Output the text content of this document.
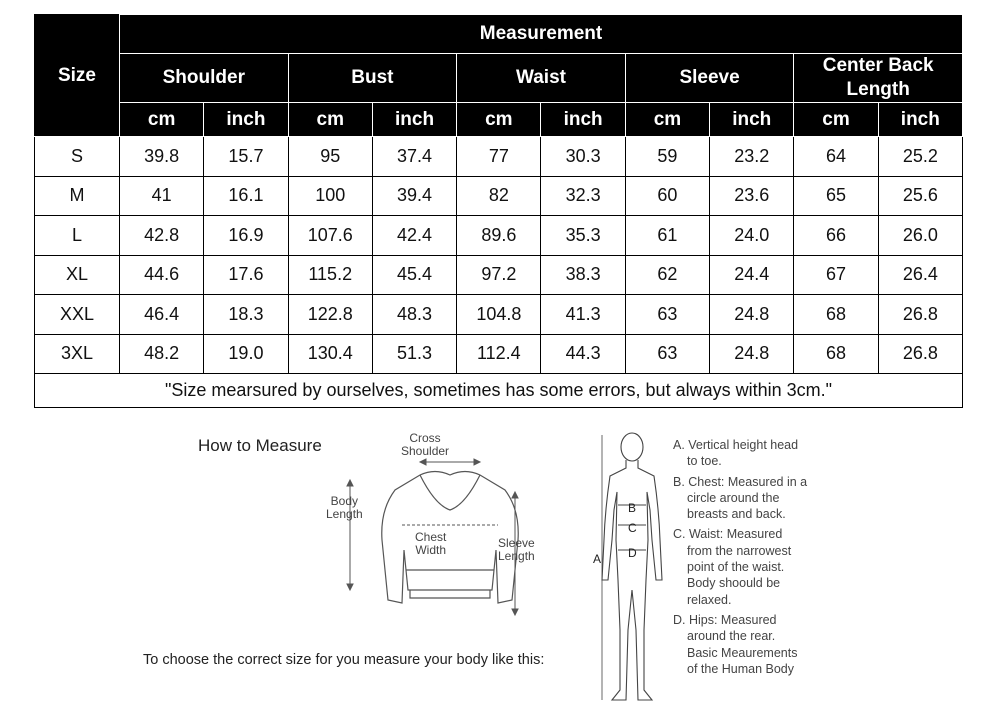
Size	Measurement									
	Shoulder		Bust		Waist		Sleeve		Center Back
Length	
	cm	inch	cm	inch	cm	inch	cm	inch	cm	inch
S	39.8	15.7	95	37.4	77	30.3	59	23.2	64	25.2
M	41	16.1	100	39.4	82	32.3	60	23.6	65	25.6
L	42.8	16.9	107.6	42.4	89.6	35.3	61	24.0	66	26.0
XL	44.6	17.6	115.2	45.4	97.2	38.3	62	24.4	67	26.4
XXL	46.4	18.3	122.8	48.3	104.8	41.3	63	24.8	68	26.8
3XL	48.2	19.0	130.4	51.3	112.4	44.3	63	24.8	68	26.8
"Size mearsured by ourselves, sometimes has some errors, but always within 3cm."										
How to Measure	Cross
Shoulder
Body
Length
Chest
Width	Sleeve
Length
To choose the correct size for you measure your body like this:
B
C
D
A
A. Vertical height head
to toe.
B. Chest: Measured in a
circle around the
breasts and back.
C. Waist: Measured
from the narrowest
point of the waist.
Body shoould be
relaxed.
D. Hips: Measured
around the rear.
Basic Meaurements
of the Human Body
